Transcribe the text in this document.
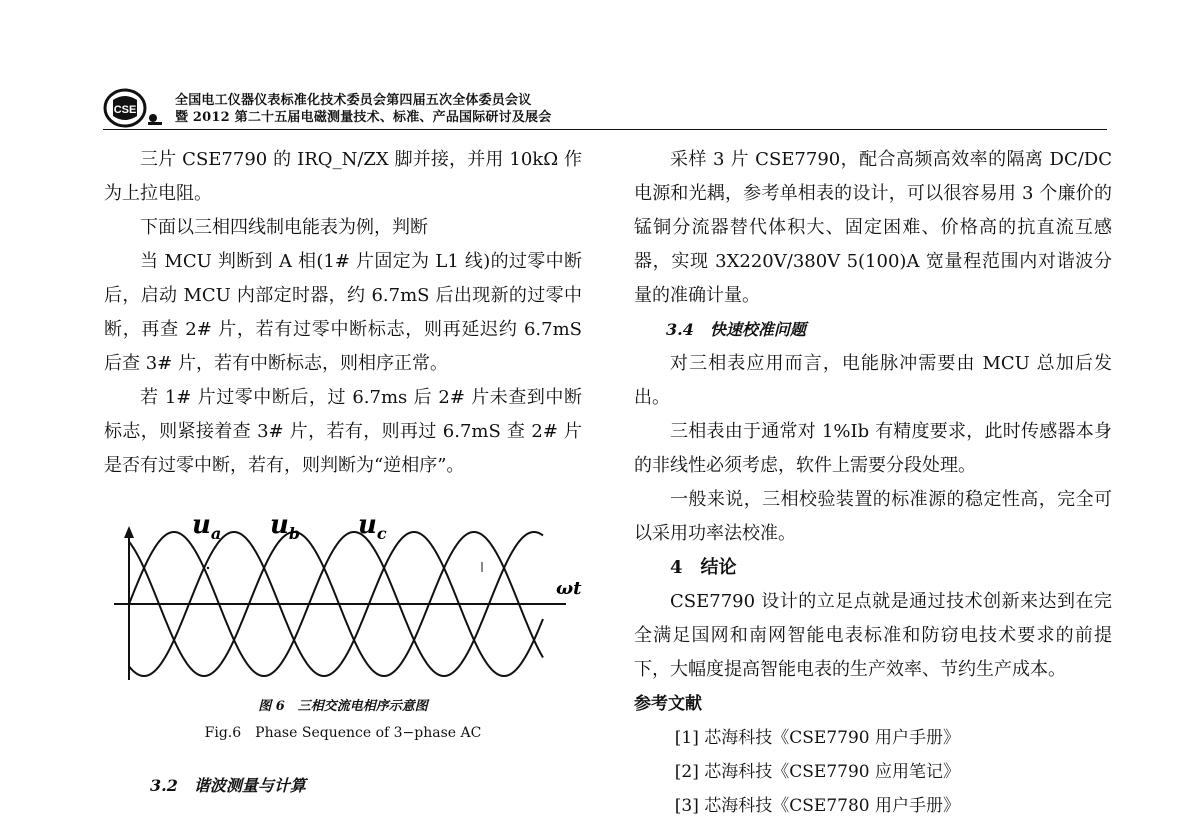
CSE
全国电工仪器仪表标准化技术委员会第四届五次全体委员会议
暨 2012 第二十五届电磁测量技术、标准、产品国际研讨及展会

三片 CSE7790 的 IRQ_N/ZX 脚并接，并用 10kΩ 作为上拉电阻。

下面以三相四线制电能表为例，判断

当 MCU 判断到 A 相(1# 片固定为 L1 线)的过零中断后，启动 MCU 内部定时器，约 6.7mS 后出现新的过零中断，再查 2# 片，若有过零中断标志，则再延迟约 6.7mS 后查 3# 片，若有中断标志，则相序正常。

若 1# 片过零中断后，过 6.7ms 后 2# 片未查到中断标志，则紧接着查 3# 片，若有，则再过 6.7mS 查 2# 片是否有过零中断，若有，则判断为“逆相序”。

$u_a$ $u_b$ $u_c$
ωt
图 6　三相交流电相序示意图
Fig.6　Phase Sequence of 3−phase AC
3.2　谐波测量与计算

采样 3 片 CSE7790，配合高频高效率的隔离 DC/DC 电源和光耦，参考单相表的设计，可以很容易用 3 个廉价的锰铜分流器替代体积大、固定困难、价格高的抗直流互感器，实现 3X220V/380V 5(100)A 宽量程范围内对谐波分量的准确计量。

3.4　快速校准问题

对三相表应用而言，电能脉冲需要由 MCU 总加后发出。

三相表由于通常对 1%Ib 有精度要求，此时传感器本身的非线性必须考虑，软件上需要分段处理。

一般来说，三相校验装置的标准源的稳定性高，完全可以采用功率法校准。

4　结论

CSE7790 设计的立足点就是通过技术创新来达到在完全满足国网和南网智能电表标准和防窃电技术要求的前提下，大幅度提高智能电表的生产效率、节约生产成本。

参考文献

[1] 芯海科技《CSE7790 用户手册》

[2] 芯海科技《CSE7790 应用笔记》

[3] 芯海科技《CSE7780 用户手册》
